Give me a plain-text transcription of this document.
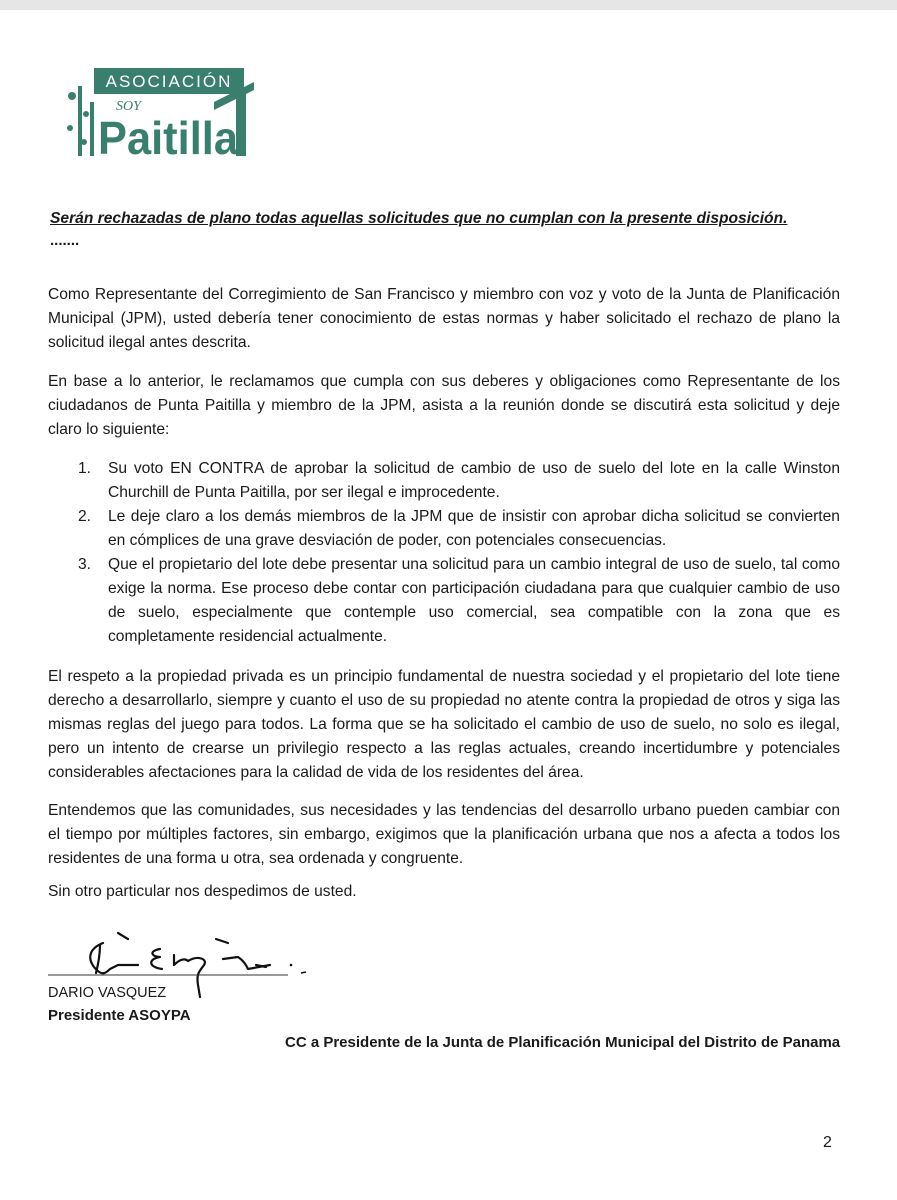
ASOCIACIÓN
SOY
Paitilla
Serán rechazadas de plano todas aquellas solicitudes que no cumplan con la presente disposición.
.......

Como Representante del Corregimiento de San Francisco y miembro con voz y voto de la Junta de Planificación Municipal (JPM), usted debería tener conocimiento de estas normas y haber solicitado el rechazo de plano la solicitud ilegal antes descrita.

En base a lo anterior, le reclamamos que cumpla con sus deberes y obligaciones como Representante de los ciudadanos de Punta Paitilla y miembro de la JPM, asista a la reunión donde se discutirá esta solicitud y deje claro lo siguiente:

1. Su voto EN CONTRA de aprobar la solicitud de cambio de uso de suelo del lote en la calle Winston Churchill de Punta Paitilla, por ser ilegal e improcedente.
2. Le deje claro a los demás miembros de la JPM que de insistir con aprobar dicha solicitud se convierten en cómplices de una grave desviación de poder, con potenciales consecuencias.
3. Que el propietario del lote debe presentar una solicitud para un cambio integral de uso de suelo, tal como exige la norma. Ese proceso debe contar con participación ciudadana para que cualquier cambio de uso de suelo, especialmente que contemple uso comercial, sea compatible con la zona que es completamente residencial actualmente.

El respeto a la propiedad privada es un principio fundamental de nuestra sociedad y el propietario del lote tiene derecho a desarrollarlo, siempre y cuanto el uso de su propiedad no atente contra la propiedad de otros y siga las mismas reglas del juego para todos. La forma que se ha solicitado el cambio de uso de suelo, no solo es ilegal, pero un intento de crearse un privilegio respecto a las reglas actuales, creando incertidumbre y potenciales considerables afectaciones para la calidad de vida de los residentes del área.

Entendemos que las comunidades, sus necesidades y las tendencias del desarrollo urbano pueden cambiar con el tiempo por múltiples factores, sin embargo, exigimos que la planificación urbana que nos a afecta a todos los residentes de una forma u otra, sea ordenada y congruente.

Sin otro particular nos despedimos de usted.

DARIO VASQUEZ
Presidente ASOYPA
CC a Presidente de la Junta de Planificación Municipal del Distrito de Panama
2
